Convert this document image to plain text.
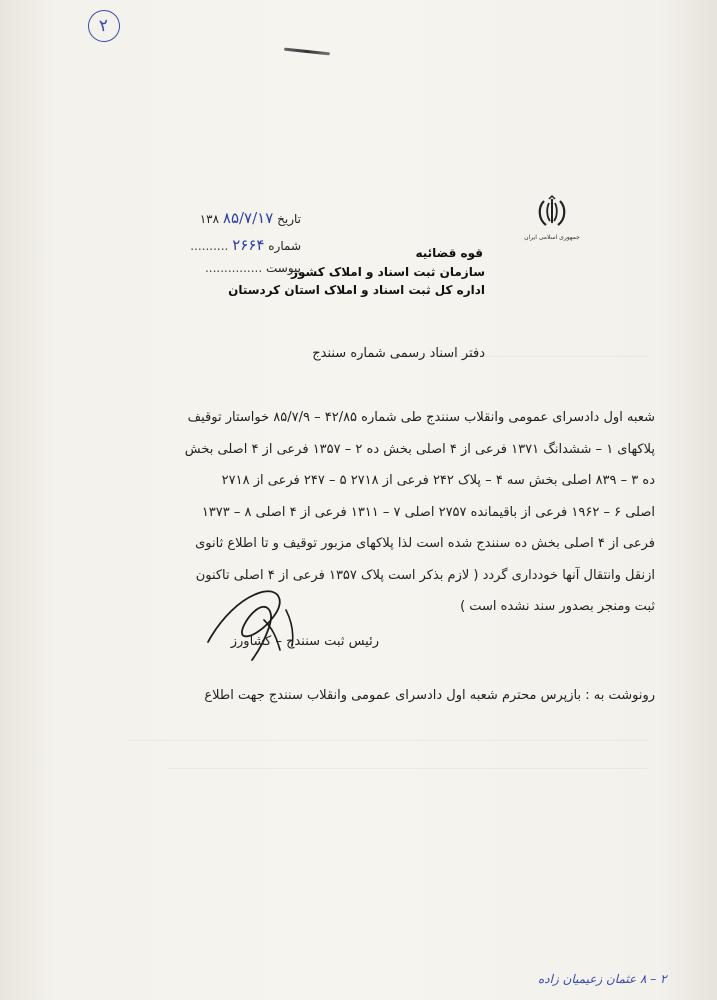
۲
جمهوری اسلامی ایران
قوه قضائیه
سازمان ثبت اسناد و املاک کشور
اداره کل ثبت اسناد و املاک استان کردستان
تاریخ ۸۵/۷/۱۷ ۱۳۸
شماره ۲۶۶۴ ..........
پیوست ...............
دفتر اسناد رسمی شماره سنندج
شعبه اول دادسرای عمومی وانقلاب سنندج طی شماره ۴۲/۸۵ – ۸۵/۷/۹ خواستار توقیف
پلاکهای ۱ – ششدانگ ۱۳۷۱ فرعی از ۴ اصلی بخش ده ۲ – ۱۳۵۷ فرعی از ۴ اصلی بخش
ده ۳ – ۸۳۹ اصلی بخش سه ۴ – پلاک ۲۴۲ فرعی از ۲۷۱۸ ۵ – ۲۴۷ فرعی از ۲۷۱۸
اصلی ۶ – ۱۹۶۲ فرعی از باقیمانده ۲۷۵۷ اصلی ۷ – ۱۳۱۱ فرعی از ۴ اصلی ۸ – ۱۳۷۳
فرعی از ۴ اصلی بخش ده سنندج شده است لذا پلاکهای مزبور توقیف و تا اطلاع ثانوی
ازنقل وانتقال آنها خودداری گردد ( لازم بذکر است پلاک ۱۳۵۷ فرعی از ۴ اصلی تاکنون
ثبت ومنجر بصدور سند نشده است )
رئیس ثبت سنندج – کشاورز
رونوشت به : بازپرس محترم شعبه اول دادسرای عمومی وانقلاب سنندج جهت اطلاع
۲ – ۸ عثمان زعیمیان زاده
